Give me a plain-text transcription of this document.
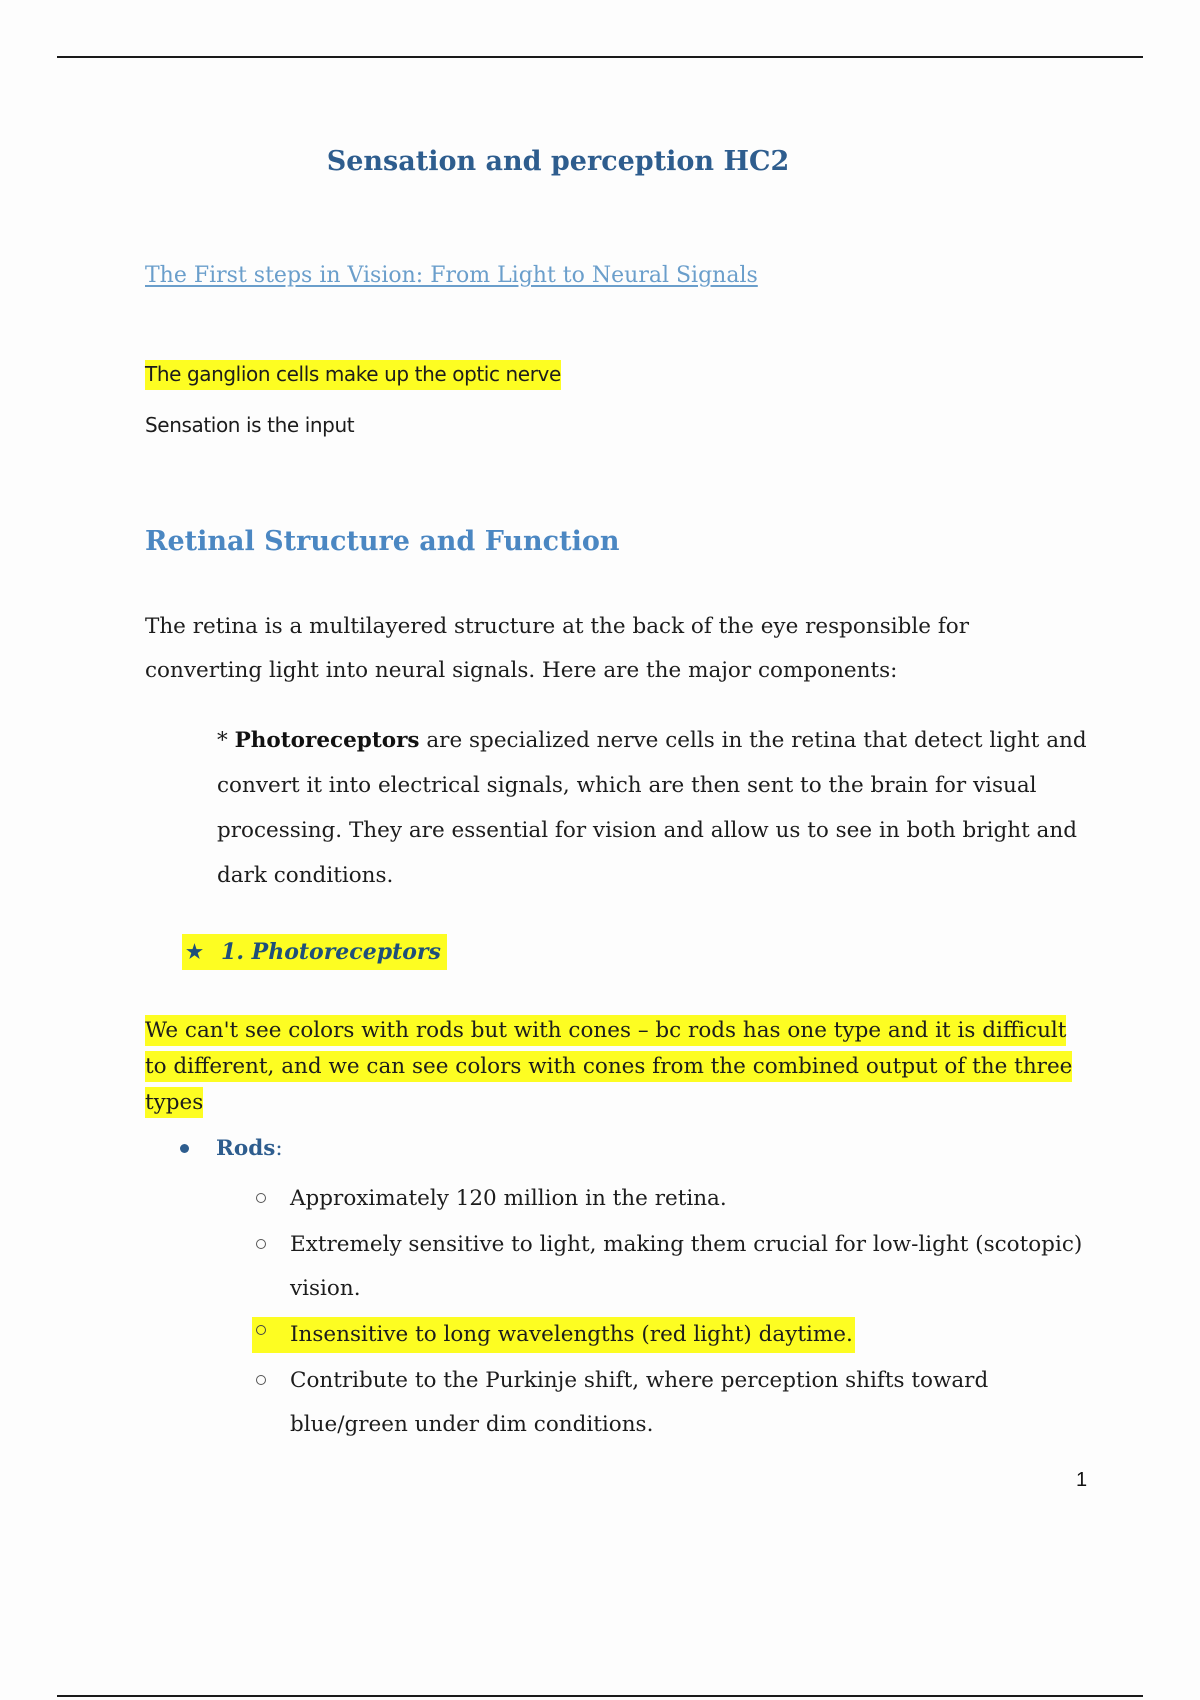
Sensation and perception HC2
The First steps in Vision: From Light to Neural Signals
The ganglion cells make up the optic nerve
Sensation is the input
Retinal Structure and Function
The retina is a multilayered structure at the back of the eye responsible for converting light into neural signals. Here are the major components:
* Photoreceptors are specialized nerve cells in the retina that detect light and convert it into electrical signals, which are then sent to the brain for visual processing. They are essential for vision and allow us to see in both bright and dark conditions.
★ 1. Photoreceptors
We can't see colors with rods but with cones – bc rods has one type and it is difficult to different, and we can see colors with cones from the combined output of the three types
Rods :
Approximately 120 million in the retina.
Extremely sensitive to light, making them crucial for low-light (scotopic) vision.
Insensitive to long wavelengths (red light) daytime.
Contribute to the Purkinje shift, where perception shifts toward blue/green under dim conditions.
1
